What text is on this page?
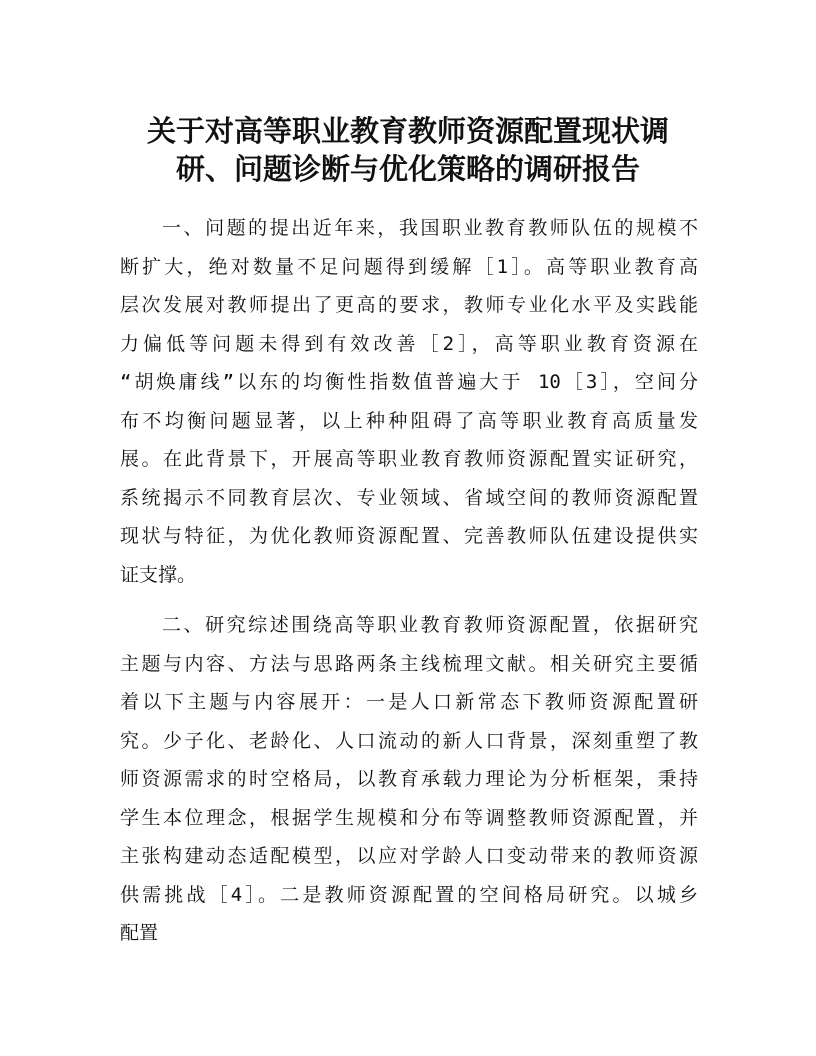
关于对高等职业教育教师资源配置现状调
研、问题诊断与优化策略的调研报告

一、问题的提出近年来，我国职业教育教师队伍的规模不
断扩大，绝对数量不足问题得到缓解［1］。高等职业教育高
层次发展对教师提出了更高的要求，教师专业化水平及实践能
力偏低等问题未得到有效改善［2］，高等职业教育资源在
“胡焕庸线”以东的均衡性指数值普遍大于 10［3］，空间分
布不均衡问题显著，以上种种阻碍了高等职业教育高质量发
展。在此背景下，开展高等职业教育教师资源配置实证研究，
系统揭示不同教育层次、专业领域、省域空间的教师资源配置
现状与特征，为优化教师资源配置、完善教师队伍建设提供实
证支撑。

二、研究综述围绕高等职业教育教师资源配置，依据研究
主题与内容、方法与思路两条主线梳理文献。相关研究主要循
着以下主题与内容展开：一是人口新常态下教师资源配置研
究。少子化、老龄化、人口流动的新人口背景，深刻重塑了教
师资源需求的时空格局，以教育承载力理论为分析框架，秉持
学生本位理念，根据学生规模和分布等调整教师资源配置，并
主张构建动态适配模型，以应对学龄人口变动带来的教师资源
供需挑战［4］。二是教师资源配置的空间格局研究。以城乡
配置
